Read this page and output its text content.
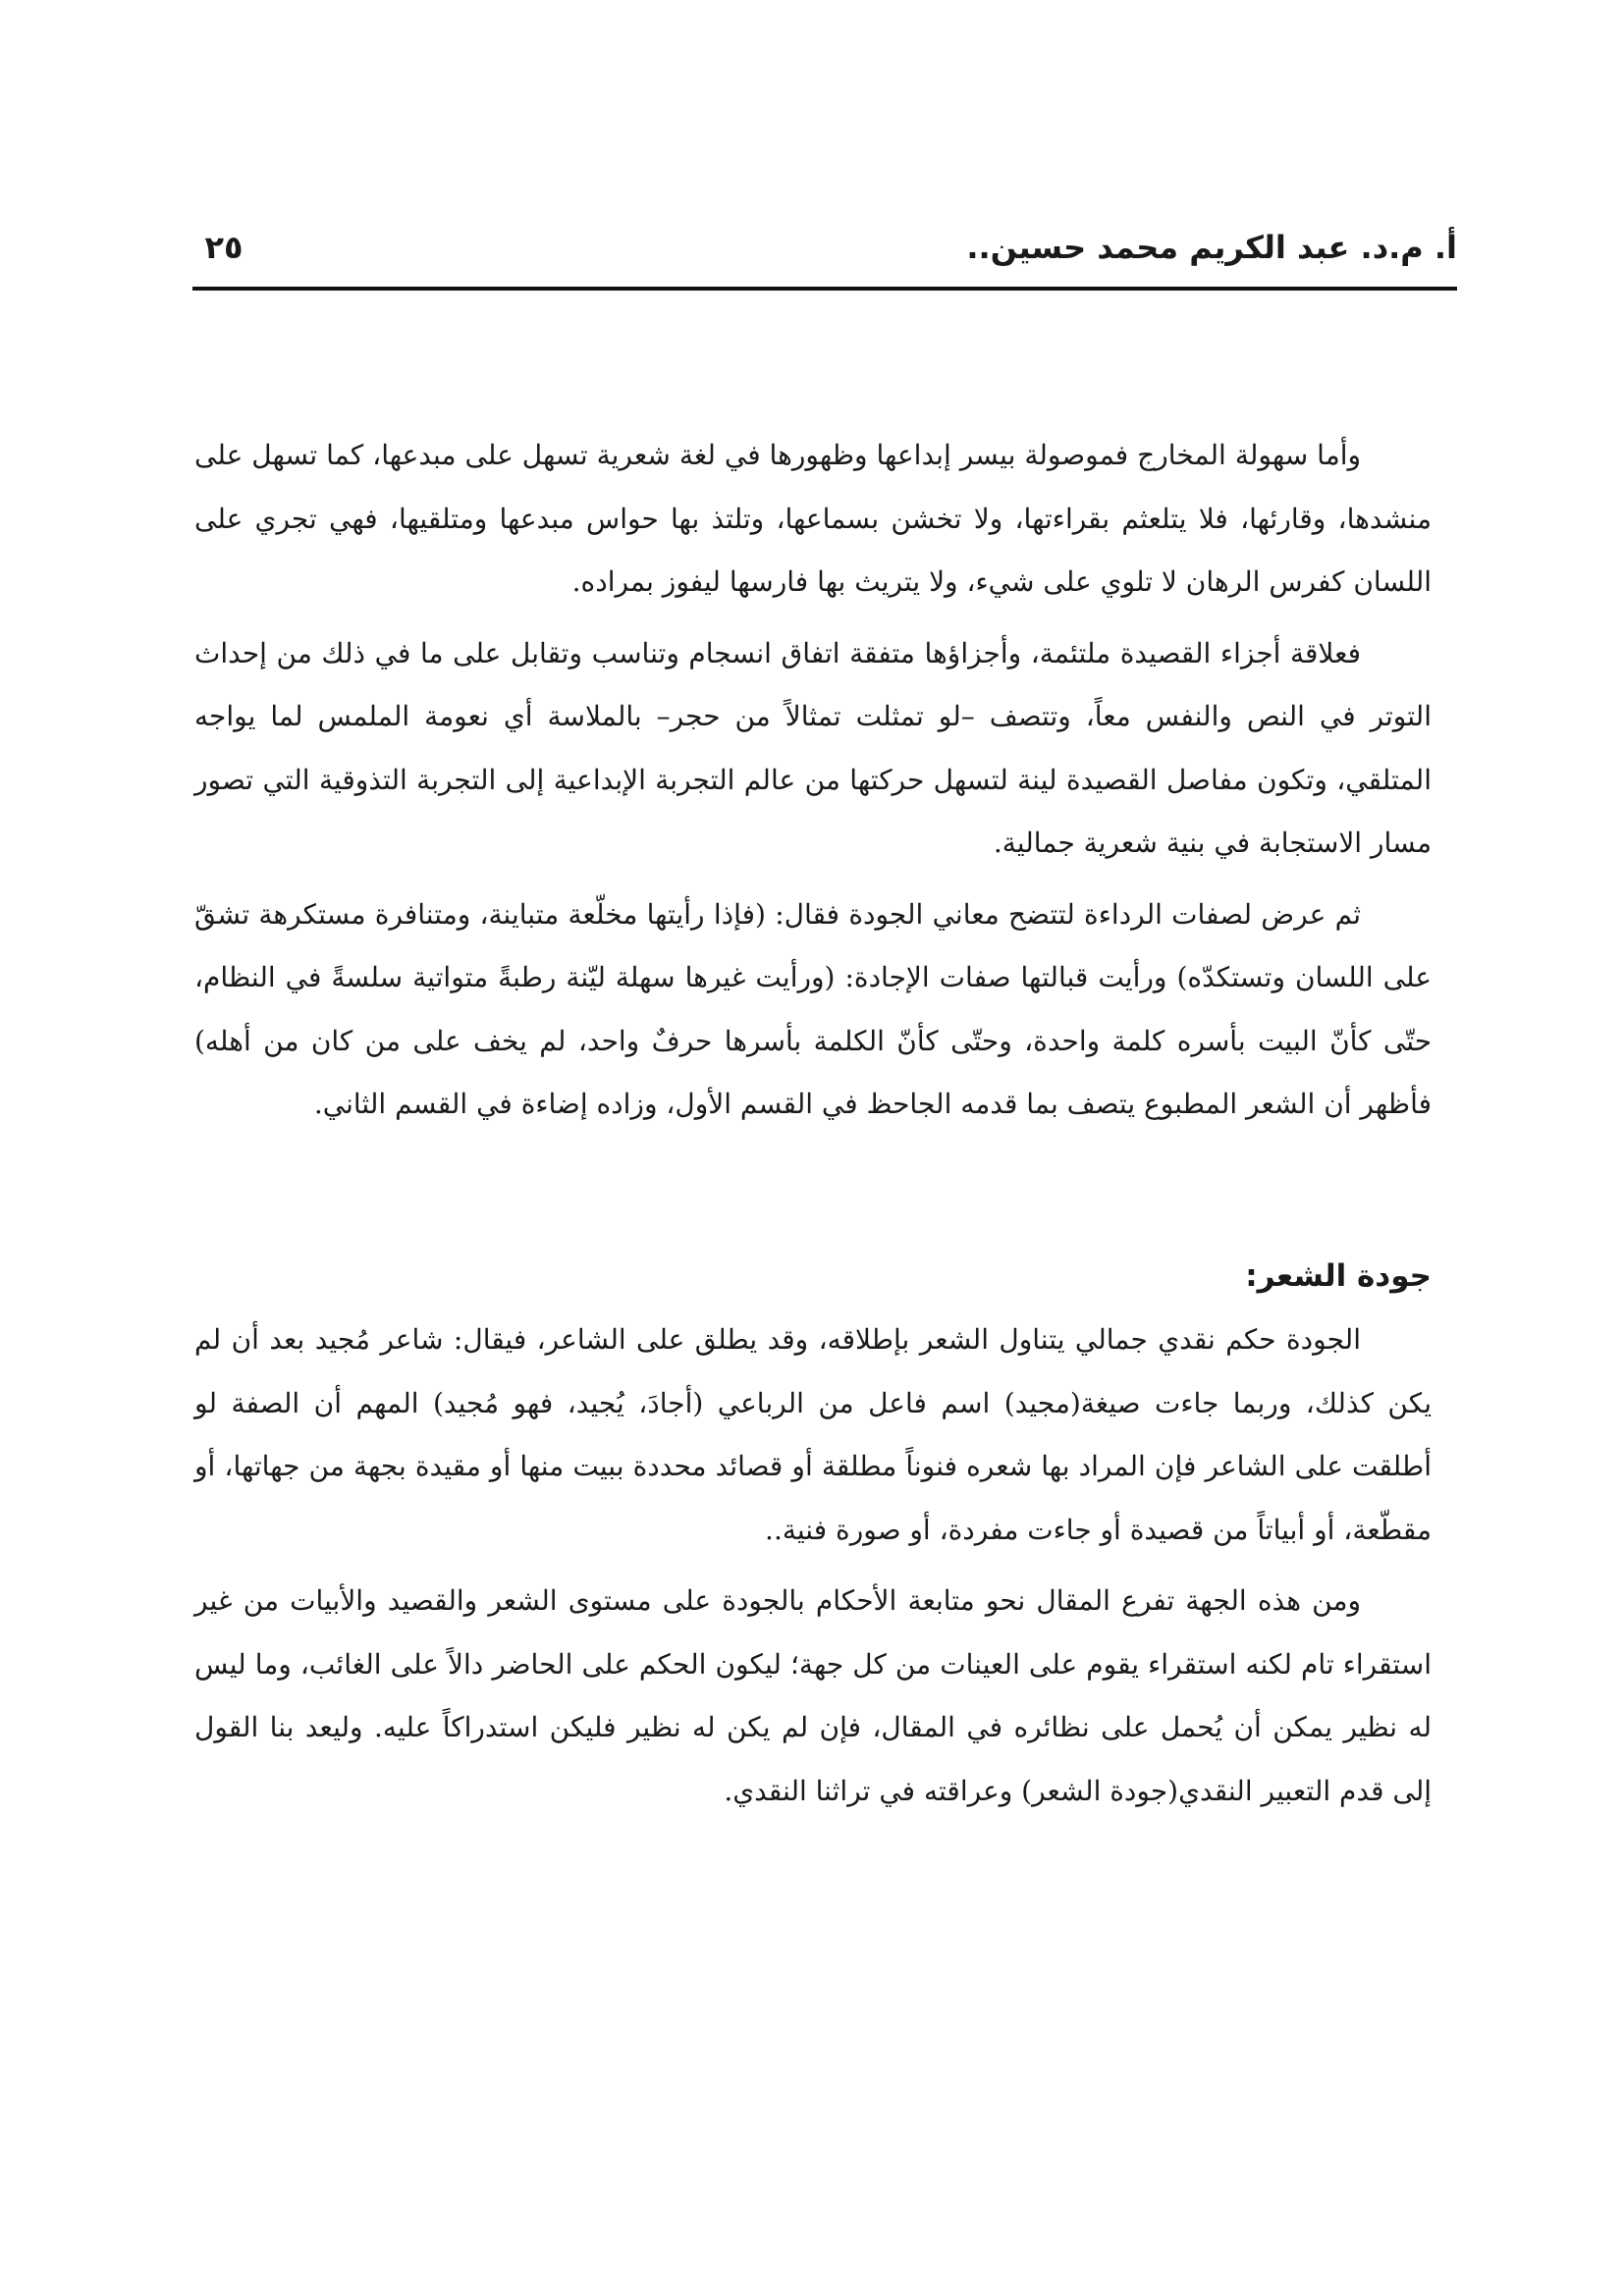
أ. م.د. عبد الكريم محمد حسين..
٢٥

وأما سهولة المخارج فموصولة بيسر إبداعها وظهورها في لغة شعرية تسهل على مبدعها، كما تسهل على منشدها، وقارئها، فلا يتلعثم بقراءتها، ولا تخشن بسماعها، وتلتذ بها حواس مبدعها ومتلقيها، فهي تجري على اللسان كفرس الرهان لا تلوي على شيء، ولا يتريث بها فارسها ليفوز بمراده.

فعلاقة أجزاء القصيدة ملتئمة، وأجزاؤها متفقة اتفاق انسجام وتناسب وتقابل على ما في ذلك من إحداث التوتر في النص والنفس معاً، وتتصف –لو تمثلت تمثالاً من حجر– بالملاسة أي نعومة الملمس لما يواجه المتلقي، وتكون مفاصل القصيدة لينة لتسهل حركتها من عالم التجربة الإبداعية إلى التجربة التذوقية التي تصور مسار الاستجابة في بنية شعرية جمالية.

ثم عرض لصفات الرداءة لتتضح معاني الجودة فقال: (فإذا رأيتها مخلّعة متباينة، ومتنافرة مستكرهة تشقّ على اللسان وتستكدّه) ورأيت قبالتها صفات الإجادة: (ورأيت غيرها سهلة ليّنة رطبةً متواتية سلسةً في النظام، حتّى كأنّ البيت بأسره كلمة واحدة، وحتّى كأنّ الكلمة بأسرها حرفٌ واحد، لم يخف على من كان من أهله) فأظهر أن الشعر المطبوع يتصف بما قدمه الجاحظ في القسم الأول، وزاده إضاءة في القسم الثاني.

جودة الشعر:

الجودة حكم نقدي جمالي يتناول الشعر بإطلاقه، وقد يطلق على الشاعر، فيقال: شاعر مُجيد بعد أن لم يكن كذلك، وربما جاءت صيغة(مجيد) اسم فاعل من الرباعي (أجادَ، يُجيد، فهو مُجيد) المهم أن الصفة لو أطلقت على الشاعر فإن المراد بها شعره فنوناً مطلقة أو قصائد محددة ببيت منها أو مقيدة بجهة من جهاتها، أو مقطّعة، أو أبياتاً من قصيدة أو جاءت مفردة، أو صورة فنية..

ومن هذه الجهة تفرع المقال نحو متابعة الأحكام بالجودة على مستوى الشعر والقصيد والأبيات من غير استقراء تام لكنه استقراء يقوم على العينات من كل جهة؛ ليكون الحكم على الحاضر دالاً على الغائب، وما ليس له نظير يمكن أن يُحمل على نظائره في المقال، فإن لم يكن له نظير فليكن استدراكاً عليه. وليعد بنا القول إلى قدم التعبير النقدي(جودة الشعر) وعراقته في تراثنا النقدي.
